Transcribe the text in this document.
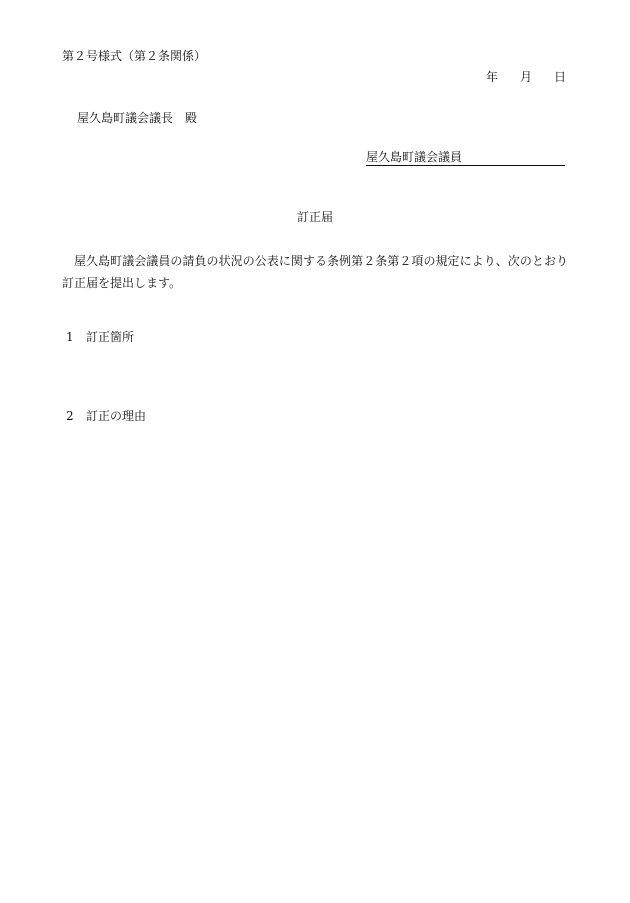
第２号様式（第２条関係）
年 月 日
屋久島町議会議長 殿
屋久島町議会議員
訂正届
屋久島町議会議員の請負の状況の公表に関する条例第２条第２項の規定により、次のとおり訂正届を提出します。
1 訂正箇所
2 訂正の理由
